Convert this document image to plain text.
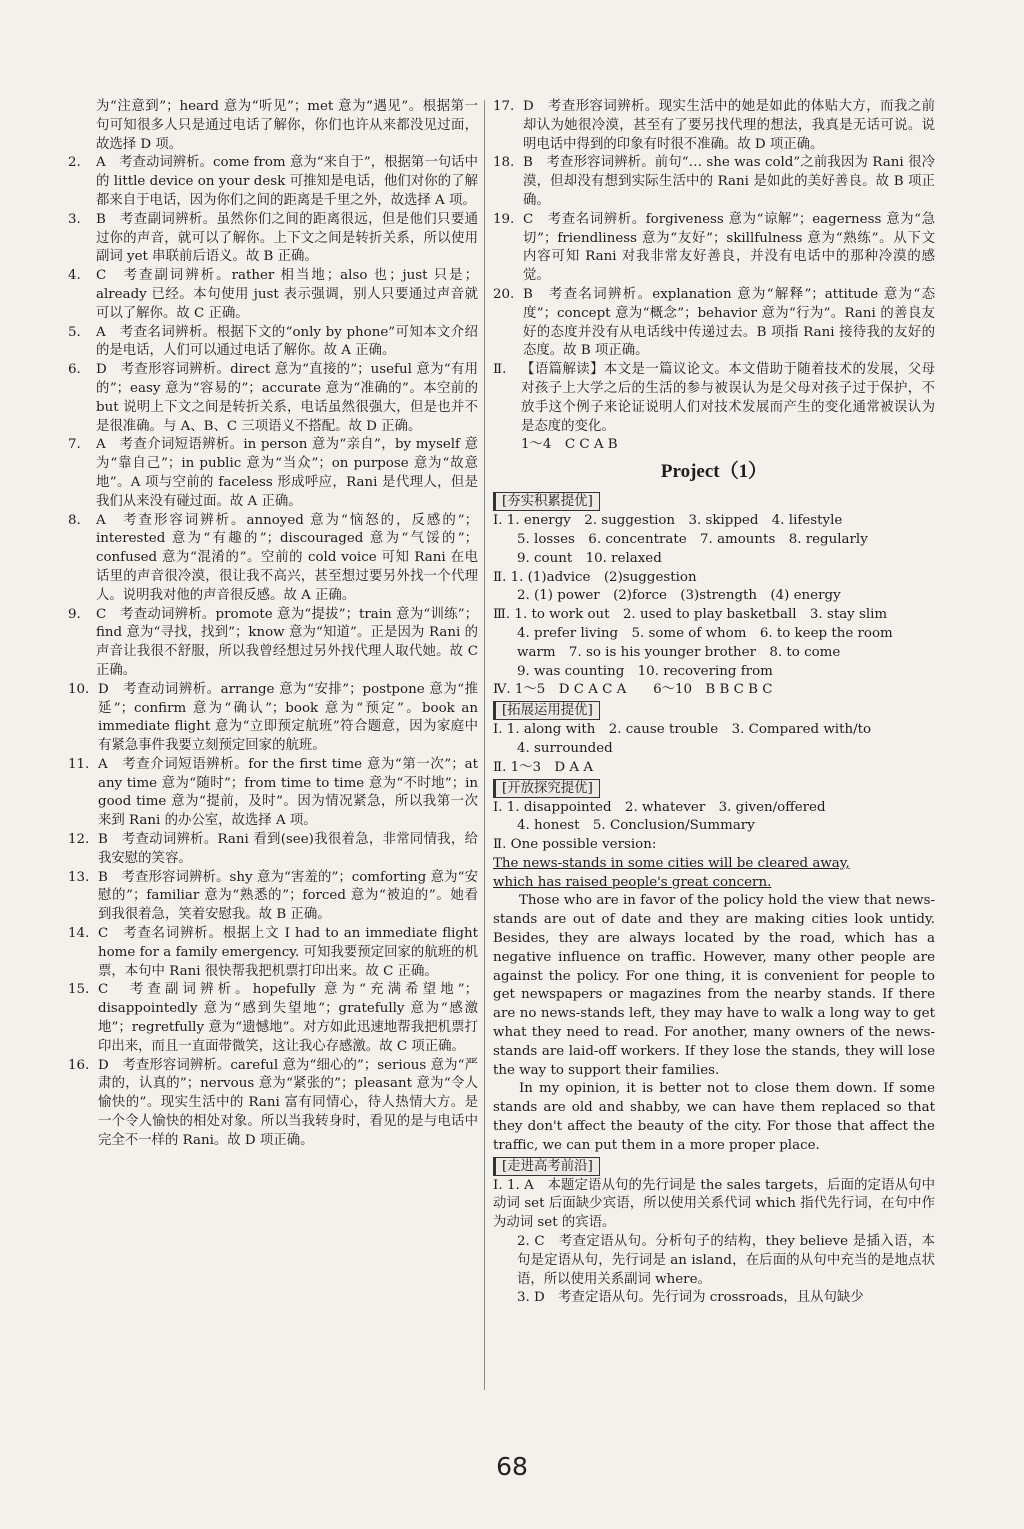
为“注意到”；heard 意为“听见”；met 意为“遇见”。根据第一句可知很多人只是通过电话了解你，你们也许从来都没见过面，故选择 D 项。

2.	A　考查动词辨析。come from 意为“来自于”，根据第一句话中的 little device on your desk 可推知是电话，他们对你的了解都来自于电话，因为你们之间的距离是千里之外，故选择 A 项。
3.	B　考查副词辨析。虽然你们之间的距离很远，但是他们只要通过你的声音，就可以了解你。上下文之间是转折关系，所以使用副词 yet 串联前后语义。故 B 正确。
4.	C　考查副词辨析。rather 相当地；also 也；just 只是；already 已经。本句使用 just 表示强调，别人只要通过声音就可以了解你。故 C 正确。
5.	A　考查名词辨析。根据下文的“only by phone”可知本文介绍的是电话，人们可以通过电话了解你。故 A 正确。
6.	D　考查形容词辨析。direct 意为“直接的”；useful 意为“有用的”；easy 意为“容易的”；accurate 意为“准确的”。本空前的 but 说明上下文之间是转折关系，电话虽然很强大，但是也并不是很准确。与 A、B、C 三项语义不搭配。故 D 正确。
7.	A　考查介词短语辨析。in person 意为“亲自”，by myself 意为“靠自己”；in public 意为“当众”；on purpose 意为“故意地”。A 项与空前的 faceless 形成呼应，Rani 是代理人，但是我们从来没有碰过面。故 A 正确。
8.	A　考查形容词辨析。annoyed 意为“恼怒的，反感的”；interested 意为“有趣的”；discouraged 意为“气馁的”；confused 意为“混淆的”。空前的 cold voice 可知 Rani 在电话里的声音很冷漠，很让我不高兴，甚至想过要另外找一个代理人。说明我对他的声音很反感。故 A 正确。
9.	C　考查动词辨析。promote 意为“提拔”；train 意为“训练”；find 意为“寻找，找到”；know 意为“知道”。正是因为 Rani 的声音让我很不舒服，所以我曾经想过另外找代理人取代她。故 C 正确。
10. D　考查动词辨析。arrange 意为“安排”；postpone 意为“推延”；confirm 意为“确认”；book 意为“预定”。book an immediate flight 意为“立即预定航班”符合题意，因为家庭中有紧急事件我要立刻预定回家的航班。
11. A　考查介词短语辨析。for the first time 意为“第一次”；at any time 意为“随时”；from time to time 意为“不时地”；in good time 意为“提前，及时”。因为情况紧急，所以我第一次来到 Rani 的办公室，故选择 A 项。
12. B　考查动词辨析。Rani 看到(see)我很着急，非常同情我，给我安慰的笑容。
13. B　考查形容词辨析。shy 意为“害羞的”；comforting 意为“安慰的”；familiar 意为“熟悉的”；forced 意为“被迫的”。她看到我很着急，笑着安慰我。故 B 正确。
14. C　考查名词辨析。根据上文 I had to an immediate flight home for a family emergency. 可知我要预定回家的航班的机票，本句中 Rani 很快帮我把机票打印出来。故 C 正确。
15. C　考查副词辨析。hopefully 意为“充满希望地”；disappointedly 意为“感到失望地”；gratefully 意为“感激地”；regretfully 意为“遗憾地”。对方如此迅速地帮我把机票打印出来，而且一直面带微笑，这让我心存感激。故 C 项正确。
16. D　考查形容词辨析。careful 意为“细心的”；serious 意为“严肃的，认真的”；nervous 意为“紧张的”；pleasant 意为“令人愉快的”。现实生活中的 Rani 富有同情心，待人热情大方。是一个令人愉快的相处对象。所以当我转身时，看见的是与电话中完全不一样的 Rani。故 D 项正确。
17. D　考查形容词辨析。现实生活中的她是如此的体贴大方，而我之前却认为她很冷漠，甚至有了要另找代理的想法，我真是无话可说。说明电话中得到的印象有时很不准确。故 D 项正确。
18. B　考查形容词辨析。前句“… she was cold”之前我因为 Rani 很冷漠，但却没有想到实际生活中的 Rani 是如此的美好善良。故 B 项正确。
19. C　考查名词辨析。forgiveness 意为“谅解”；eagerness 意为“急切”；friendliness 意为“友好”；skillfulness 意为“熟练”。从下文内容可知 Rani 对我非常友好善良，并没有电话中的那种冷漠的感觉。
20. B　考查名词辨析。explanation 意为“解释”；attitude 意为“态度”；concept 意为“概念”；behavior 意为“行为”。Rani 的善良友好的态度并没有从电话线中传递过去。B 项指 Rani 接待我的友好的态度。故 B 项正确。
Ⅱ.	【语篇解读】本文是一篇议论文。本文借助于随着技术的发展，父母对孩子上大学之后的生活的参与被误认为是父母对孩子过于保护，不放手这个例子来论证说明人们对技术发展而产生的变化通常被误认为是态度的变化。

1～4　C C A B

Project（1）
[夯实积累提优]

Ⅰ. 1. energy　2. suggestion　3. skipped　4. lifestyle

5. losses　6. concentrate　7. amounts　8. regularly

9. count　10. relaxed

Ⅱ. 1. (1)advice　(2)suggestion

2. (1) power　(2)force　(3)strength　(4) energy

Ⅲ. 1. to work out　2. used to play basketball　3. stay slim

4. prefer living　5. some of whom　6. to keep the room

warm　7. so is his younger brother　8. to come

9. was counting　10. recovering from

Ⅳ. 1～5　D C A C A　　6～10　B B C B C

[拓展运用提优]

Ⅰ. 1. along with　2. cause trouble　3. Compared with/to

4. surrounded

Ⅱ. 1～3　D A A

[开放探究提优]

Ⅰ. 1. disappointed　2. whatever　3. given/offered

4. honest　5. Conclusion/Summary

Ⅱ. One possible version:

The news-stands in some cities will be cleared away,

which has raised people's great concern.

Those who are in favor of the policy hold the view that news-stands are out of date and they are making cities look untidy. Besides, they are always located by the road, which has a negative influence on traffic. However, many other people are against the policy. For one thing, it is convenient for people to get newspapers or magazines from the nearby stands. If there are no news-stands left, they may have to walk a long way to get what they need to read. For another, many owners of the news-stands are laid-off workers. If they lose the stands, they will lose the way to support their families.

In my opinion, it is better not to close them down. If some stands are old and shabby, we can have them replaced so that they don't affect the beauty of the city. For those that affect the traffic, we can put them in a more proper place.

[走进高考前沿]

Ⅰ. 1. A　本题定语从句的先行词是 the sales targets，后面的定语从句中动词 set 后面缺少宾语，所以使用关系代词 which 指代先行词，在句中作为动词 set 的宾语。

2. C　考查定语从句。分析句子的结构，they believe 是插入语，本句是定语从句，先行词是 an island，在后面的从句中充当的是地点状语，所以使用关系副词 where。

3. D　考查定语从句。先行词为 crossroads，且从句缺少

68
